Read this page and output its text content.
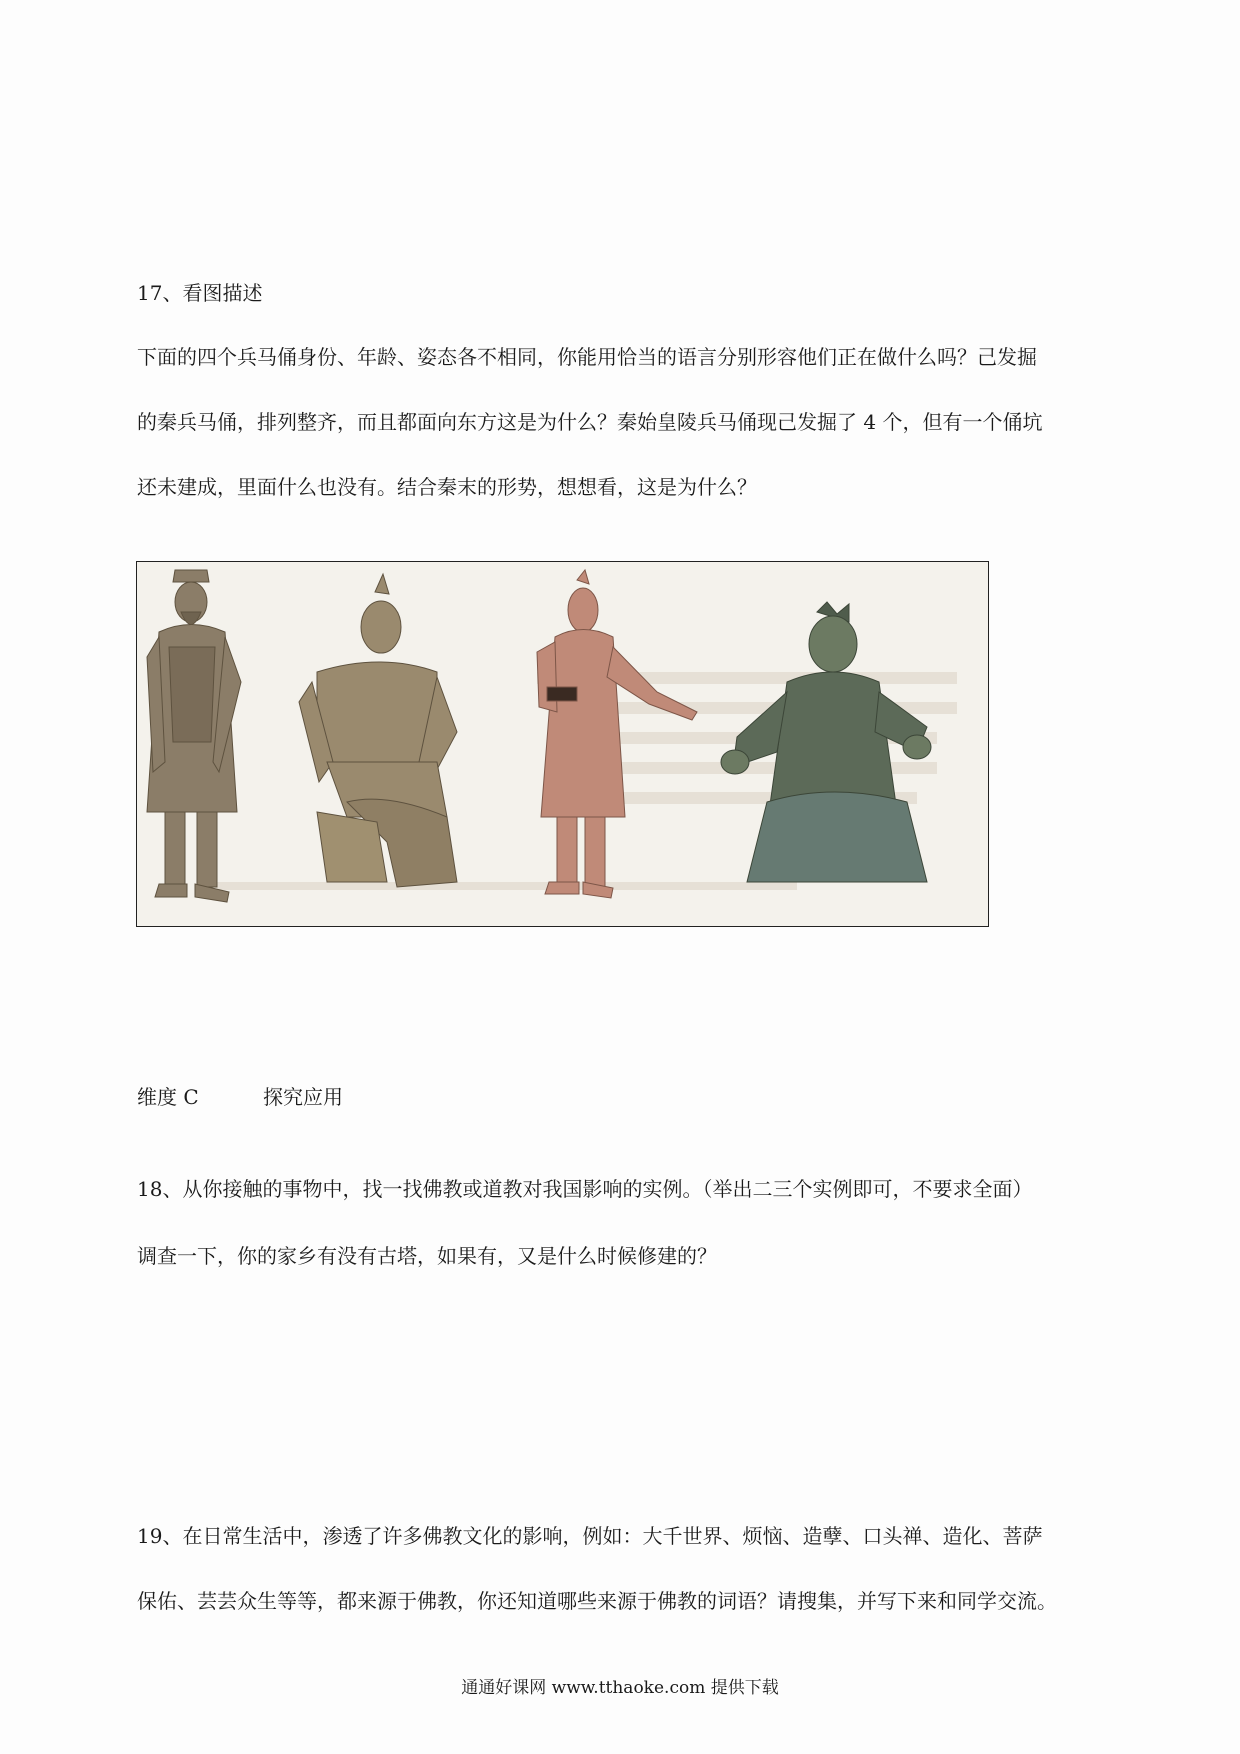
17、看图描述
下面的四个兵马俑身份、年龄、姿态各不相同，你能用恰当的语言分别形容他们正在做什么吗？己发掘
的秦兵马俑，排列整齐，而且都面向东方这是为什么？秦始皇陵兵马俑现己发掘了 4 个，但有一个俑坑
还未建成，里面什么也没有。结合秦末的形势，想想看，这是为什么？
维度 C	探究应用
18、从你接触的事物中，找一找佛教或道教对我国影响的实例。（举出二三个实例即可，不要求全面）
调查一下，你的家乡有没有古塔，如果有，又是什么时候修建的？
19、在日常生活中，渗透了许多佛教文化的影响，例如：大千世界、烦恼、造孽、口头禅、造化、菩萨
保佑、芸芸众生等等，都来源于佛教，你还知道哪些来源于佛教的词语？请搜集，并写下来和同学交流。
通通好课网 www.tthaoke.com 提供下载
